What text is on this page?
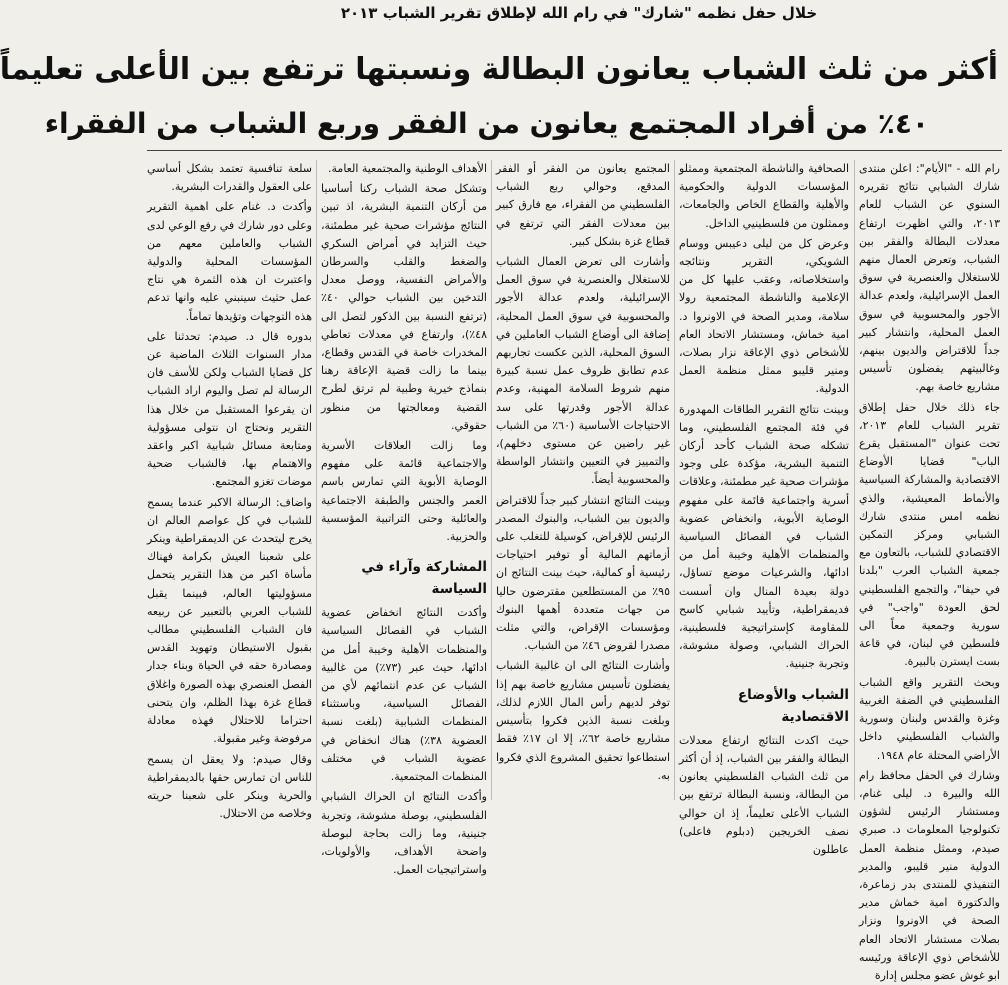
خلال حفل نظمه "شارك" في رام الله لإطلاق تقرير الشباب ٢٠١٣
أكثر من ثلث الشباب يعانون البطالة ونسبتها ترتفع بين الأعلى تعليماً
٤٠٪ من أفراد المجتمع يعانون من الفقر وربع الشباب من الفقراء

رام الله - "الأيام": اعلن منتدى شارك الشبابي نتائج تقريره السنوي عن الشباب للعام ٢٠١٣، والتي اظهرت ارتفاع معدلات البطالة والفقر بين الشباب، وتعرض العمال منهم للاستغلال والعنصرية في سوق العمل الإسرائيلية، ولعدم عدالة الأجور والمحسوبية في سوق العمل المحلية، وانتشار كبير جداً للاقتراض والديون بينهم، وغالبيتهم يفضلون تأسيس مشاريع خاصة بهم.

جاء ذلك خلال حفل إطلاق تقرير الشباب للعام ٢٠١٣، تحت عنوان "المستقبل يقرع الباب" قضايا الأوضاع الاقتصادية والمشاركة السياسية والأنماط المعيشية، والذي نظمه امس منتدى شارك الشبابي ومركز التمكين الاقتصادي للشباب، بالتعاون مع جمعية الشباب العرب "بلدنا في حيفا"، والتجمع الفلسطيني لحق العودة "واجب" في سورية وجمعية معاً الى فلسطين في لبنان، في قاعة بست ايسترن بالبيرة.

وبحث التقرير واقع الشباب الفلسطيني في الضفة الغربية وغزة والقدس ولبنان وسورية والشباب الفلسطيني داخل الأراضي المحتلة عام ١٩٤٨.

وشارك في الحفل محافظ رام الله والبيرة د. ليلى غنام، ومستشار الرئيس لشؤون تكنولوجيا المعلومات د. صبري صيدم، وممثل منظمة العمل الدولية منير قليبو، والمدير التنفيذي للمنتدى بدر زماعرة، والدكتورة امية خماش مدير الصحة في الاونروا ونزار بصلات مستشار الاتحاد العام للأشخاص ذوي الإعاقة ورئيسه ابو غوش عضو مجلس إدارة

الصحافية والناشطة المجتمعية وممثلو المؤسسات الدولية والحكومية والأهلية والقطاع الخاص والجامعات، وممثلون من فلسطينيي الداخل.

وعرض كل من ليلى دعيبس ووسام الشويكي، التقرير ونتائجه واستخلاصاته، وعقب عليها كل من الإعلامية والناشطة المجتمعية رولا سلامة، ومدير الصحة في الاونروا د. امية خماش، ومستشار الاتحاد العام للأشخاص ذوي الإعاقة نزار بصلات، ومنير قليبو ممثل منظمة العمل الدولية.

وبينت نتائج التقرير الطاقات المهدورة في فئة المجتمع الفلسطيني، وما تشكله صحة الشباب كأحد أركان التنمية البشرية، مؤكدة على وجود مؤشرات صحية غير مطمئنة، وعلاقات أسرية واجتماعية قائمة على مفهوم الوصاية الأبوية، وانخفاض عضوية الشباب في الفصائل السياسية والمنظمات الأهلية وخيبة أمل من ادائها، والشرعيات موضع تساؤل، دولة بعيدة المنال وان أسست فديمقراطية، وتأييد شبابي كاسح للمقاومة كإستراتيجية فلسطينية، الحراك الشبابي، وصولة مشوشة، وتجربة جنينية.

الشباب والأوضاع الاقتصادية

حيث اكدت النتائج ارتفاع معدلات البطالة والفقر بين الشباب، إذ أن أكثر من ثلث الشباب الفلسطيني يعانون من البطالة، ونسبة البطالة ترتفع بين الشباب الأعلى تعليماً، إذ ان حوالي نصف الخريجين (دبلوم فاعلى) عاطلون

المجتمع يعانون من الفقر أو الفقر المدقع، وحوالي ربع الشباب الفلسطيني من الفقراء، مع فارق كبير بين معدلات الفقر التي ترتفع في قطاع غزة بشكل كبير.

وأشارت الى تعرض العمال الشباب للاستغلال والعنصرية في سوق العمل الإسرائيلية، ولعدم عدالة الأجور والمحسوبية في سوق العمل المحلية، إضافة الى أوضاع الشباب العاملين في السوق المحلية، الذين عكست تجاربهم عدم تطابق ظروف عمل نسبة كبيرة منهم شروط السلامة المهنية، وعدم عدالة الأجور وقدرتها على سد الاحتياجات الأساسية (٦٠٪ من الشباب غير راضين عن مستوى دخلهم)، والتمييز في التعيين وانتشار الواسطة والمحسوبية أيضاً.

وبينت النتائج انتشار كبير جداً للاقتراض والديون بين الشباب، والبنوك المصدر الرئيس للإقراض، كوسيلة للتغلب على أزماتهم المالية أو توفير احتياجات رئيسية أو كمالية، حيث بينت النتائج ان ٩٥٪ من المستطلعين مقترضون حاليا من جهات متعددة أهمها البنوك ومؤسسات الإقراض، والتي مثلت مصدرا لقروض ٤٦٪ من الشباب.

وأشارت النتائج الى ان غالبية الشباب يفضلون تأسيس مشاريع خاصة بهم إذا توفر لديهم رأس المال اللازم لذلك، وبلغت نسبة الذين فكروا بتأسيس مشاريع خاصة ٦٢٪، إلا ان ١٧٪ فقط استطاعوا تحقيق المشروع الذي فكروا به.

الأهداف الوطنية والمجتمعية العامة.

وتشكل صحة الشباب ركنا أساسيا من أركان التنمية البشرية، اذ تبين النتائج مؤشرات صحية غير مطمئنة، حيث التزايد في أمراض السكري والضغط والقلب والسرطان والأمراض النفسية، ووصل معدل التدخين بين الشباب حوالي ٤٠٪ (ترتفع النسبة بين الذكور لتصل الى ٤٨٪)، وارتفاع في معدلات تعاطي المخدرات خاصة في القدس وقطاع، بينما ما زالت قضية الإعاقة رهنا بنماذج خيرية وطبية لم ترتق لطرح القضية ومعالجتها من منظور حقوقي.

وما زالت العلاقات الأسرية والاجتماعية قائمة على مفهوم الوصاية الأبوية التي تمارس باسم العمر والجنس والطبقة الاجتماعية والعائلية وحتى التراتبية المؤسسية والحزبية.

المشاركة وآراء في السياسة

وأكدت النتائج انخفاض عضوية الشباب في الفصائل السياسية والمنظمات الأهلية وخيبة أمل من ادائها، حيث عبر (٧٣٪) من غالبية الشباب عن عدم انتمائهم لأي من الفصائل السياسية، وباستثناء المنظمات الشبابية (بلغت نسبة العضوية ٣٨٪) هناك انخفاض في عضوية الشباب في مختلف المنظمات المجتمعية.

وأكدت النتائج ان الحراك الشبابي الفلسطيني، بوصلة مشوشة، وتجربة جنينية، وما زالت بحاجة لبوصلة واضحة الأهداف، والأولويات، واستراتيجيات العمل.

سلعة تنافسية تعتمد بشكل أساسي على العقول والقدرات البشرية.

وأكدت د. غنام على اهمية التقرير وعلى دور شارك في رفع الوعي لدى الشباب والعاملين معهم من المؤسسات المحلية والدولية واعتبرت ان هذه الثمرة هي نتاج عمل حثيث سينبني عليه وانها تدعم هذه التوجهات وتؤيدها تماماً.

بدوره قال د. صيدم: تحدثنا على مدار السنوات الثلاث الماضية عن كل قضايا الشباب ولكن للأسف فان الرسالة لم تصل واليوم اراد الشباب ان يقرعوا المستقبل من خلال هذا التقرير ونحتاج ان نتولى مسؤولية ومتابعة مسائل شبابية اكبر واعقد والاهتمام بها، فالشباب ضحية موضات تغزو المجتمع.

واضاف: الرسالة الاكبر عندما يسمح للشباب في كل عواصم العالم ان يخرج ليتحدث عن الديمقراطية وينكر على شعبنا العيش بكرامة فهناك مأساة اكبر من هذا التقرير يتحمل مسؤوليتها العالم، فبينما يقبل للشباب العربي بالتعبير عن ربيعه فان الشباب الفلسطيني مطالب بقبول الاستيطان وتهويد القدس ومصادرة حقه في الحياة وبناء جدار الفصل العنصري بهذه الصورة واغلاق قطاع غزة بهذا الظلم، وان يتحنى احتراما للاحتلال فهذه معادلة مرفوضة وغير مقبولة.

وقال صيدم: ولا يعقل ان يسمح للناس ان تمارس حقها بالديمقراطية والحرية وينكر على شعبنا حريته وخلاصه من الاحتلال.
